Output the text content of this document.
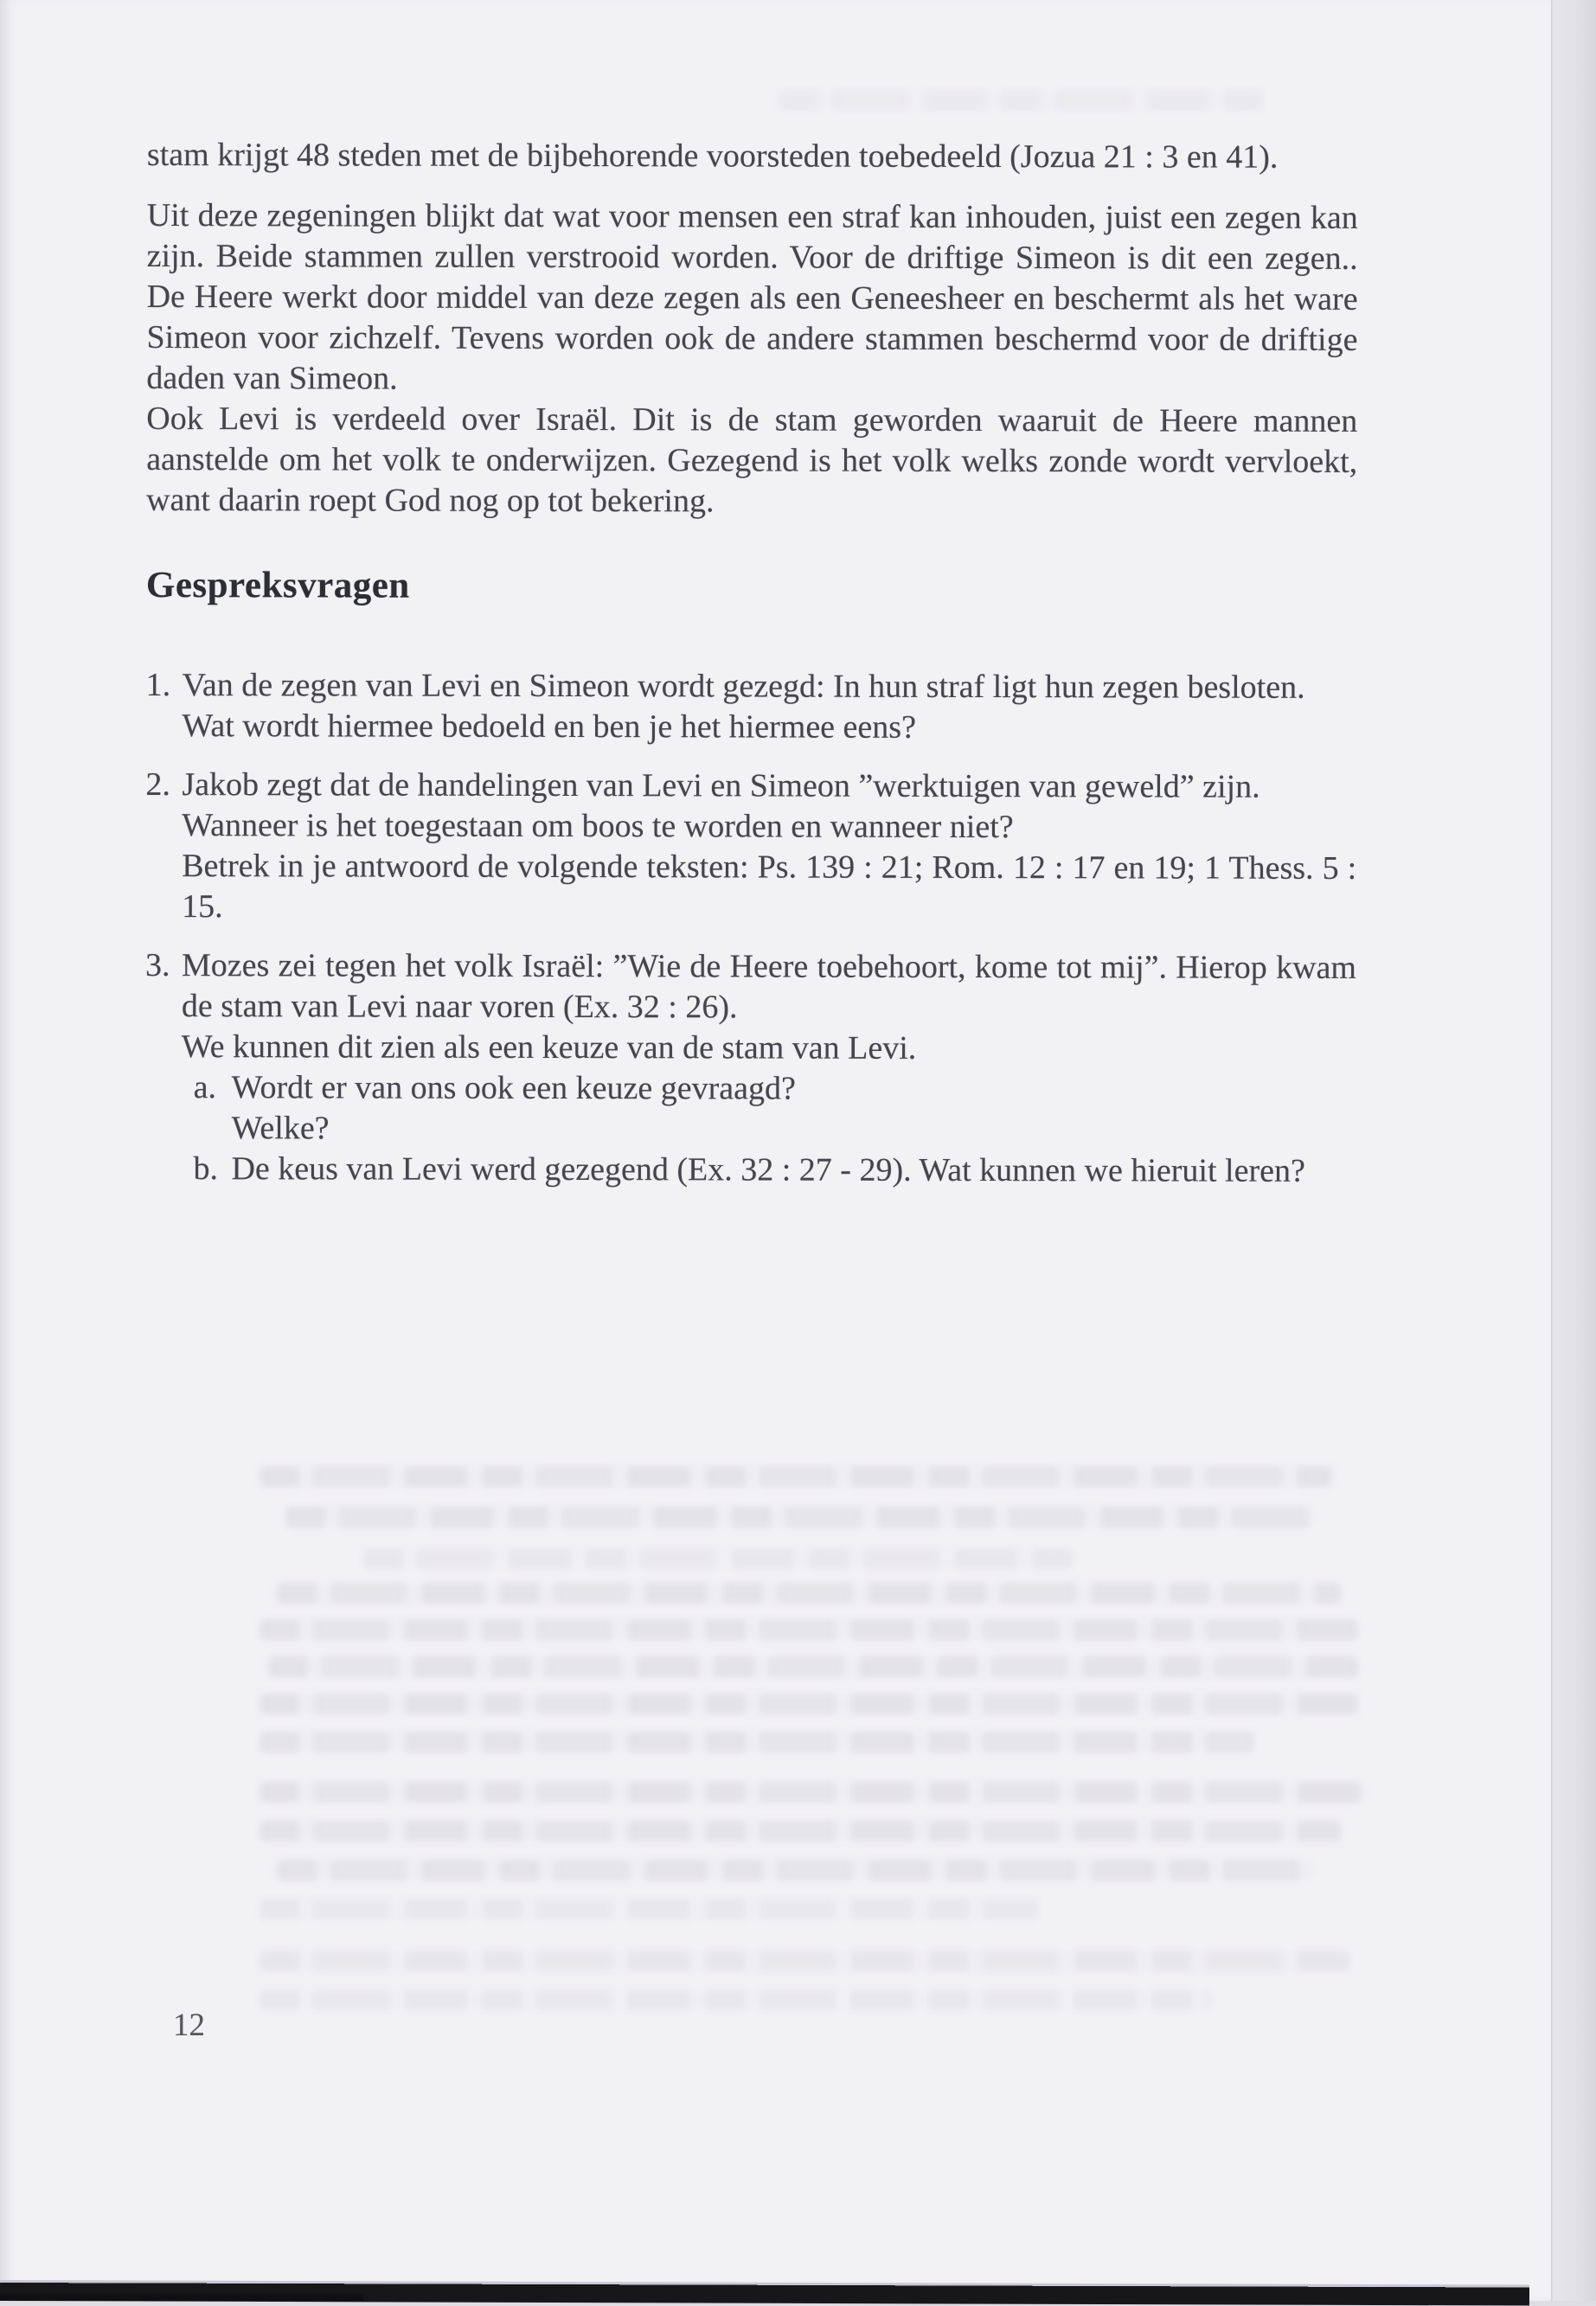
stam krijgt 48 steden met de bijbehorende voorsteden toebedeeld (Jozua 21 : 3 en 41).

Uit deze zegeningen blijkt dat wat voor mensen een straf kan inhouden, juist een zegen kan zijn. Beide stammen zullen verstrooid worden. Voor de driftige Simeon is dit een zegen.. De Heere werkt door middel van deze zegen als een Geneesheer en beschermt als het ware Simeon voor zichzelf. Tevens worden ook de andere stammen beschermd voor de driftige daden van Simeon.

Ook Levi is verdeeld over Israël. Dit is de stam geworden waaruit de Heere mannen aanstelde om het volk te onderwijzen. Gezegend is het volk welks zonde wordt vervloekt, want daarin roept God nog op tot bekering.

Gespreksvragen
1. Van de zegen van Levi en Simeon wordt gezegd: In hun straf ligt hun zegen besloten.

Wat wordt hiermee bedoeld en ben je het hiermee eens?

2. Jakob zegt dat de handelingen van Levi en Simeon ”werktuigen van geweld” zijn.

Wanneer is het toegestaan om boos te worden en wanneer niet?

Betrek in je antwoord de volgende teksten: Ps. 139 : 21; Rom. 12 : 17 en 19; 1 Thess. 5 : 15.

3. Mozes zei tegen het volk Israël: ”Wie de Heere toebehoort, kome tot mij”. Hierop kwam de stam van Levi naar voren (Ex. 32 : 26).

We kunnen dit zien als een keuze van de stam van Levi.

a. Wordt er van ons ook een keuze gevraagd?

Welke?

b. De keus van Levi werd gezegend (Ex. 32 : 27 - 29). Wat kunnen we hieruit leren?

12
